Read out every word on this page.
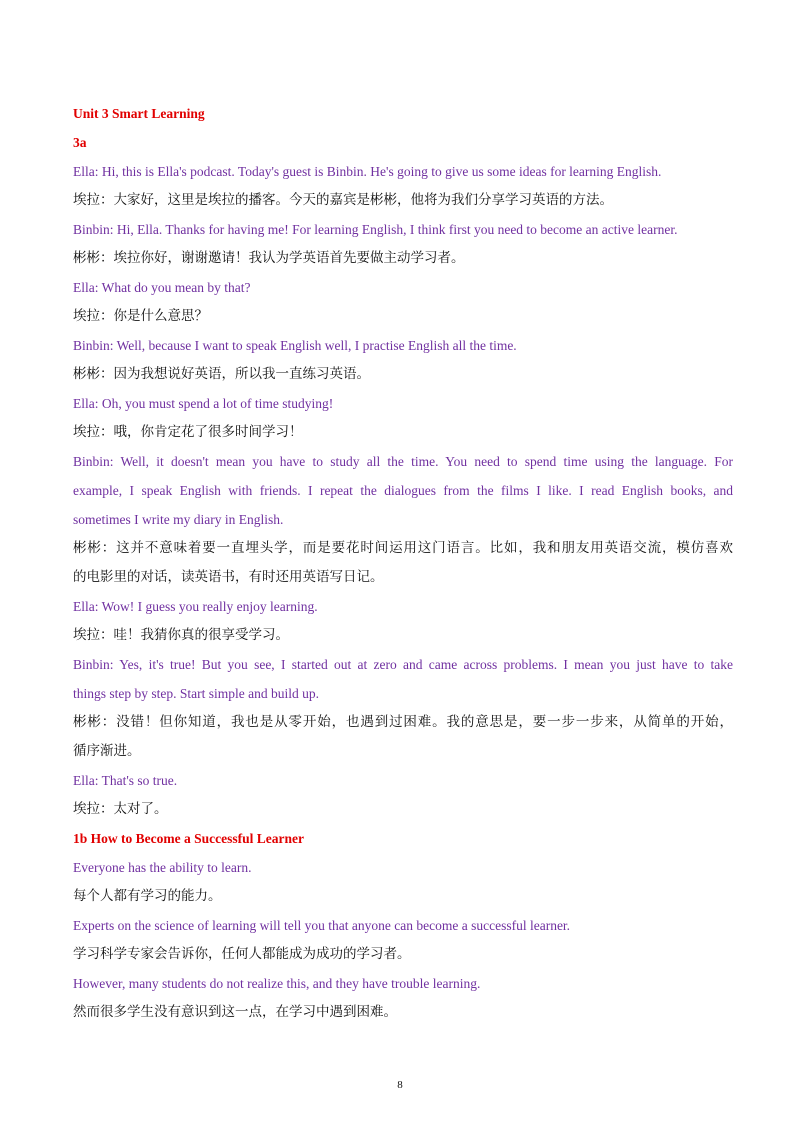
Unit 3 Smart Learning

3a

Ella: Hi, this is Ella's podcast. Today's guest is Binbin. He's going to give us some ideas for learning English.

埃拉：大家好，这里是埃拉的播客。今天的嘉宾是彬彬，他将为我们分享学习英语的方法。

Binbin: Hi, Ella. Thanks for having me! For learning English, I think first you need to become an active learner.

彬彬：埃拉你好，谢谢邀请！我认为学英语首先要做主动学习者。

Ella: What do you mean by that?

埃拉：你是什么意思？

Binbin: Well, because I want to speak English well, I practise English all the time.

彬彬：因为我想说好英语，所以我一直练习英语。

Ella: Oh, you must spend a lot of time studying!

埃拉：哦，你肯定花了很多时间学习！

Binbin: Well, it doesn't mean you have to study all the time. You need to spend time using the language. For

example, I speak English with friends. I repeat the dialogues from the films I like. I read English books, and

sometimes I write my diary in English.

彬彬：这并不意味着要一直埋头学，而是要花时间运用这门语言。比如，我和朋友用英语交流，模仿喜欢

的电影里的对话，读英语书，有时还用英语写日记。

Ella: Wow! I guess you really enjoy learning.

埃拉：哇！我猜你真的很享受学习。

Binbin: Yes, it's true! But you see, I started out at zero and came across problems. I mean you just have to take

things step by step. Start simple and build up.

彬彬：没错！但你知道，我也是从零开始，也遇到过困难。我的意思是，要一步一步来，从简单的开始，

循序渐进。

Ella: That's so true.

埃拉：太对了。

1b How to Become a Successful Learner

Everyone has the ability to learn.

每个人都有学习的能力。

Experts on the science of learning will tell you that anyone can become a successful learner.

学习科学专家会告诉你，任何人都能成为成功的学习者。

However, many students do not realize this, and they have trouble learning.

然而很多学生没有意识到这一点，在学习中遇到困难。

8
